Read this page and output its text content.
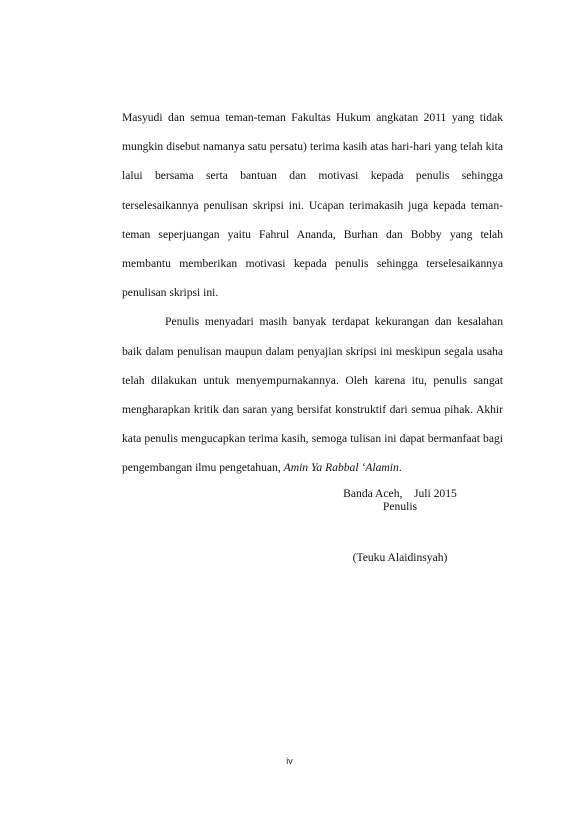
Masyudi dan semua teman-teman Fakultas Hukum angkatan 2011 yang tidak mungkin disebut namanya satu persatu) terima kasih atas hari-hari yang telah kita lalui bersama serta bantuan dan motivasi kepada penulis sehingga terselesaikannya penulisan skripsi ini. Ucapan terimakasih juga kepada teman-teman seperjuangan yaitu Fahrul Ananda, Burhan dan Bobby yang telah membantu memberikan motivasi kepada penulis sehingga terselesaikannya penulisan skripsi ini.

Penulis menyadari masih banyak terdapat kekurangan dan kesalahan baik dalam penulisan maupun dalam penyajian skripsi ini meskipun segala usaha telah dilakukan untuk menyempurnakannya. Oleh karena itu, penulis sangat mengharapkan kritik dan saran yang bersifat konstruktif dari semua pihak. Akhir kata penulis mengucapkan terima kasih, semoga tulisan ini dapat bermanfaat bagi pengembangan ilmu pengetahuan, Amin Ya Rabbal ‘Alamin.

Banda Aceh,    Juli 2015
Penulis
(Teuku Alaidinsyah)
iv
